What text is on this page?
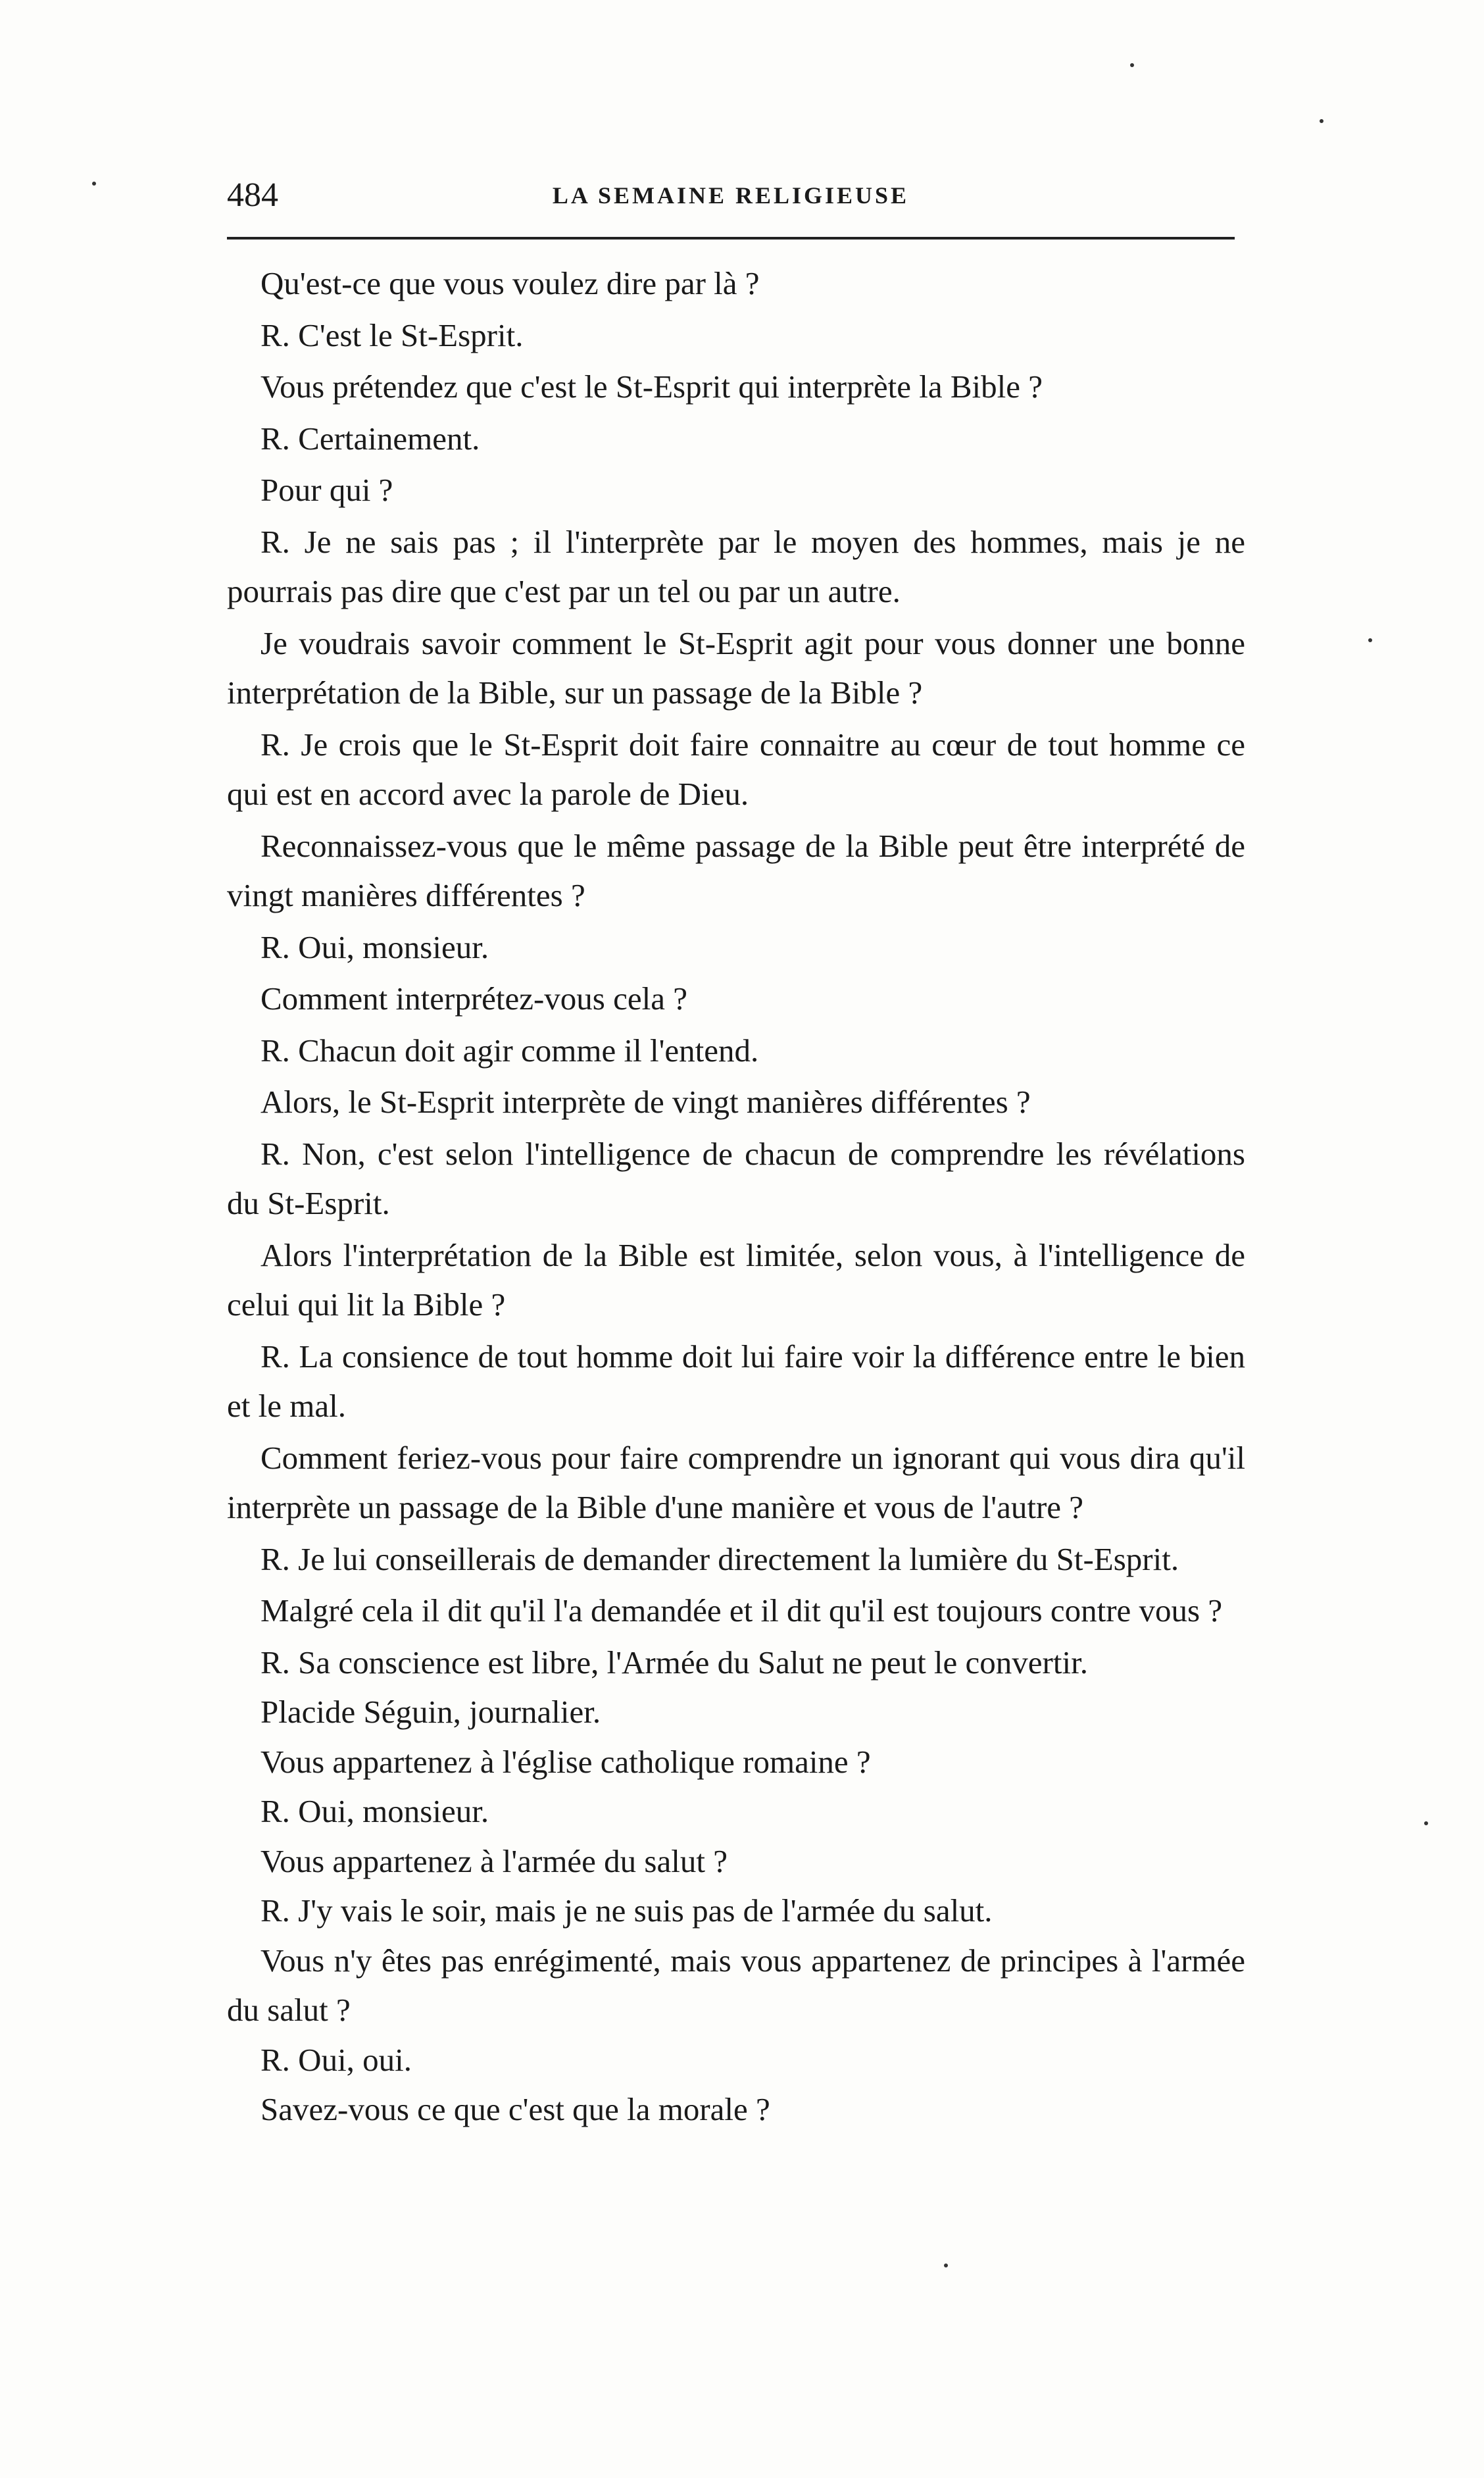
484	LA SEMAINE RELIGIEUSE

Qu'est-ce que vous voulez dire par là ?

R. C'est le St-Esprit.

Vous prétendez que c'est le St-Esprit qui interprète la Bible ?

R. Certainement.

Pour qui ?

R. Je ne sais pas ; il l'interprète par le moyen des hommes, mais je ne pourrais pas dire que c'est par un tel ou par un autre.

Je voudrais savoir comment le St-Esprit agit pour vous donner une bonne interprétation de la Bible, sur un passage de la Bible ?

R. Je crois que le St-Esprit doit faire connaitre au cœur de tout homme ce qui est en accord avec la parole de Dieu.

Reconnaissez-vous que le même passage de la Bible peut être interprété de vingt manières différentes ?

R. Oui, monsieur.

Comment interprétez-vous cela ?

R. Chacun doit agir comme il l'entend.

Alors, le St-Esprit interprète de vingt manières différentes ?

R. Non, c'est selon l'intelligence de chacun de comprendre les révélations du St-Esprit.

Alors l'interprétation de la Bible est limitée, selon vous, à l'intelligence de celui qui lit la Bible ?

R. La consience de tout homme doit lui faire voir la différence entre le bien et le mal.

Comment feriez-vous pour faire comprendre un ignorant qui vous dira qu'il interprète un passage de la Bible d'une manière et vous de l'autre ?

R. Je lui conseillerais de demander directement la lumière du St-Esprit.

Malgré cela il dit qu'il l'a demandée et il dit qu'il est toujours contre vous ?

R. Sa conscience est libre, l'Armée du Salut ne peut le convertir.

Placide Séguin, journalier.

Vous appartenez à l'église catholique romaine ?

R. Oui, monsieur.

Vous appartenez à l'armée du salut ?

R. J'y vais le soir, mais je ne suis pas de l'armée du salut.

Vous n'y êtes pas enrégimenté, mais vous appartenez de principes à l'armée du salut ?

R. Oui, oui.

Savez-vous ce que c'est que la morale ?
